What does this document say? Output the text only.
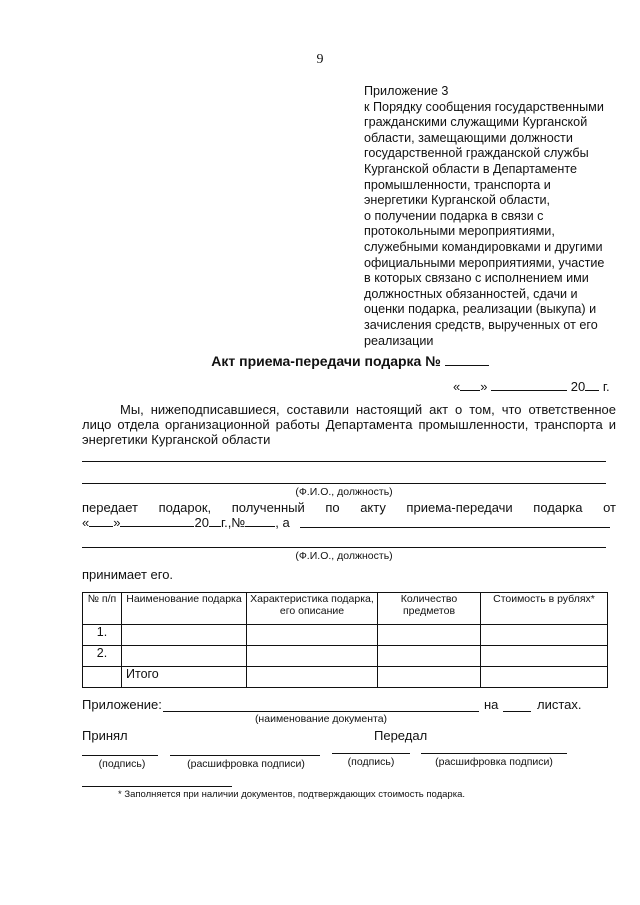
9
Приложение 3
к Порядку сообщения государственными
гражданскими служащими Курганской
области, замещающими должности
государственной гражданской службы
Курганской области в Департаменте
промышленности, транспорта и
энергетики Курганской области,
о получении подарка в связи с
протокольными мероприятиями,
служебными командировками и другими
официальными мероприятиями, участие
в которых связано с исполнением ими
должностных обязанностей, сдачи и
оценки подарка, реализации (выкупа) и
зачисления средств, вырученных от его
реализации
Акт приема-передачи подарка №
« »	20 г.
Мы, нижеподписавшиеся, составили настоящий акт о том, что ответственное
лицо отдела организационной работы Департамента промышленности, транспорта и
энергетики Курганской области
(Ф.И.О., должность)
передает подарок, полученный по акту приема-передачи подарка от
« »	20 г.,№ , а
(Ф.И.О., должность)
принимает его.
№ п/п	Наименование подарка	Характеристика подарка, его описание	Количество предметов	Стоимость в рублях*
1.				
2.				
	Итого			
Приложение:	на	листах.
(наименование документа)
Принял	Передал
(подпись)	(расшифровка подписи)	(подпись)	(расшифровка подписи)
* Заполняется при наличии документов, подтверждающих стоимость подарка.
